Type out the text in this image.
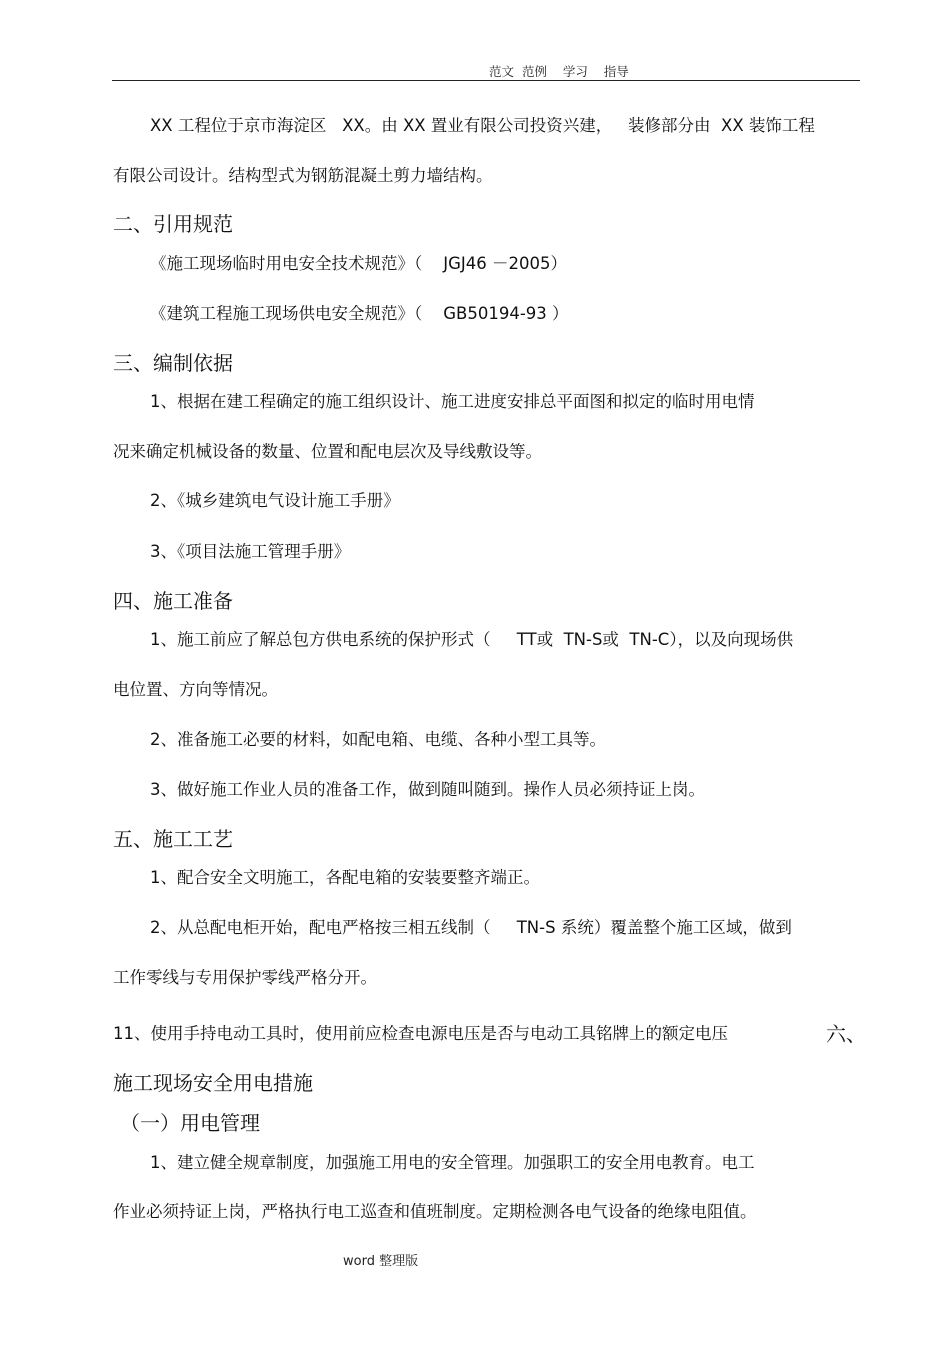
范文  范例    学习    指导
XX 工程位于京市海淀区   XX。由 XX 置业有限公司投资兴建，   装修部分由  XX 装饰工程
有限公司设计。结构型式为钢筋混凝土剪力墙结构。
二、引用规范
《施工现场临时用电安全技术规范》（    JGJ46 －2005）
《建筑工程施工现场供电安全规范》（    GB50194-93 ）
三、编制依据
1、根据在建工程确定的施工组织设计、施工进度安排总平面图和拟定的临时用电情
况来确定机械设备的数量、位置和配电层次及导线敷设等。
2、《城乡建筑电气设计施工手册》
3、《项目法施工管理手册》
四、施工准备
1、施工前应了解总包方供电系统的保护形式（     TT或  TN-S或  TN-C），以及向现场供
电位置、方向等情况。
2、准备施工必要的材料，如配电箱、电缆、各种小型工具等。
3、做好施工作业人员的准备工作，做到随叫随到。操作人员必须持证上岗。
五、施工工艺
1、配合安全文明施工，各配电箱的安装要整齐端正。
2、从总配电柜开始，配电严格按三相五线制（     TN-S 系统）覆盖整个施工区域，做到
工作零线与专用保护零线严格分开。
11、使用手持电动工具时，使用前应检查电源电压是否与电动工具铭牌上的额定电压	六、
施工现场安全用电措施
（一）用电管理
1、建立健全规章制度，加强施工用电的安全管理。加强职工的安全用电教育。电工
作业必须持证上岗，严格执行电工巡查和值班制度。定期检测各电气设备的绝缘电阻值。
word 整理版
